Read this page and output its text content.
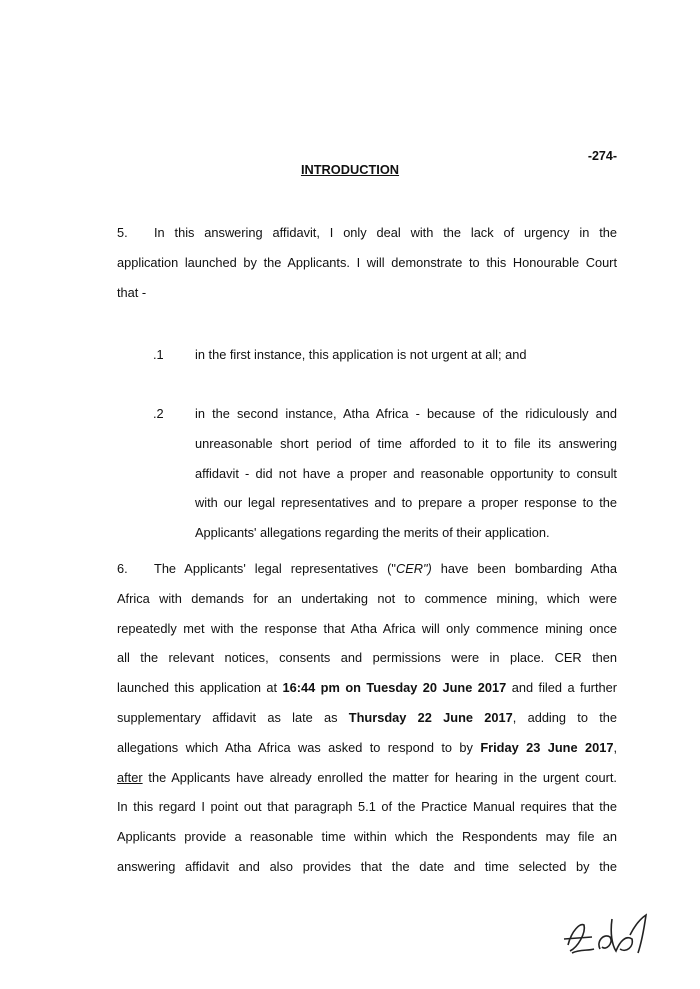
-274-
INTRODUCTION
5. In this answering affidavit, I only deal with the lack of urgency in the
application launched by the Applicants. I will demonstrate to this Honourable Court
that -
.1 in the first instance, this application is not urgent at all; and
.2 in the second instance, Atha Africa - because of the ridiculously and
unreasonable short period of time afforded to it to file its answering
affidavit - did not have a proper and reasonable opportunity to consult
with our legal representatives and to prepare a proper response to the
Applicants' allegations regarding the merits of their application.
6. The Applicants' legal representatives ("CER") have been bombarding Atha
Africa with demands for an undertaking not to commence mining, which were
repeatedly met with the response that Atha Africa will only commence mining once
all the relevant notices, consents and permissions were in place. CER then
launched this application at 16:44 pm on Tuesday 20 June 2017 and filed a further
supplementary affidavit as late as Thursday 22 June 2017, adding to the
allegations which Atha Africa was asked to respond to by Friday 23 June 2017,
after the Applicants have already enrolled the matter for hearing in the urgent court.
In this regard I point out that paragraph 5.1 of the Practice Manual requires that the
Applicants provide a reasonable time within which the Respondents may file an
answering affidavit and also provides that the date and time selected by the
